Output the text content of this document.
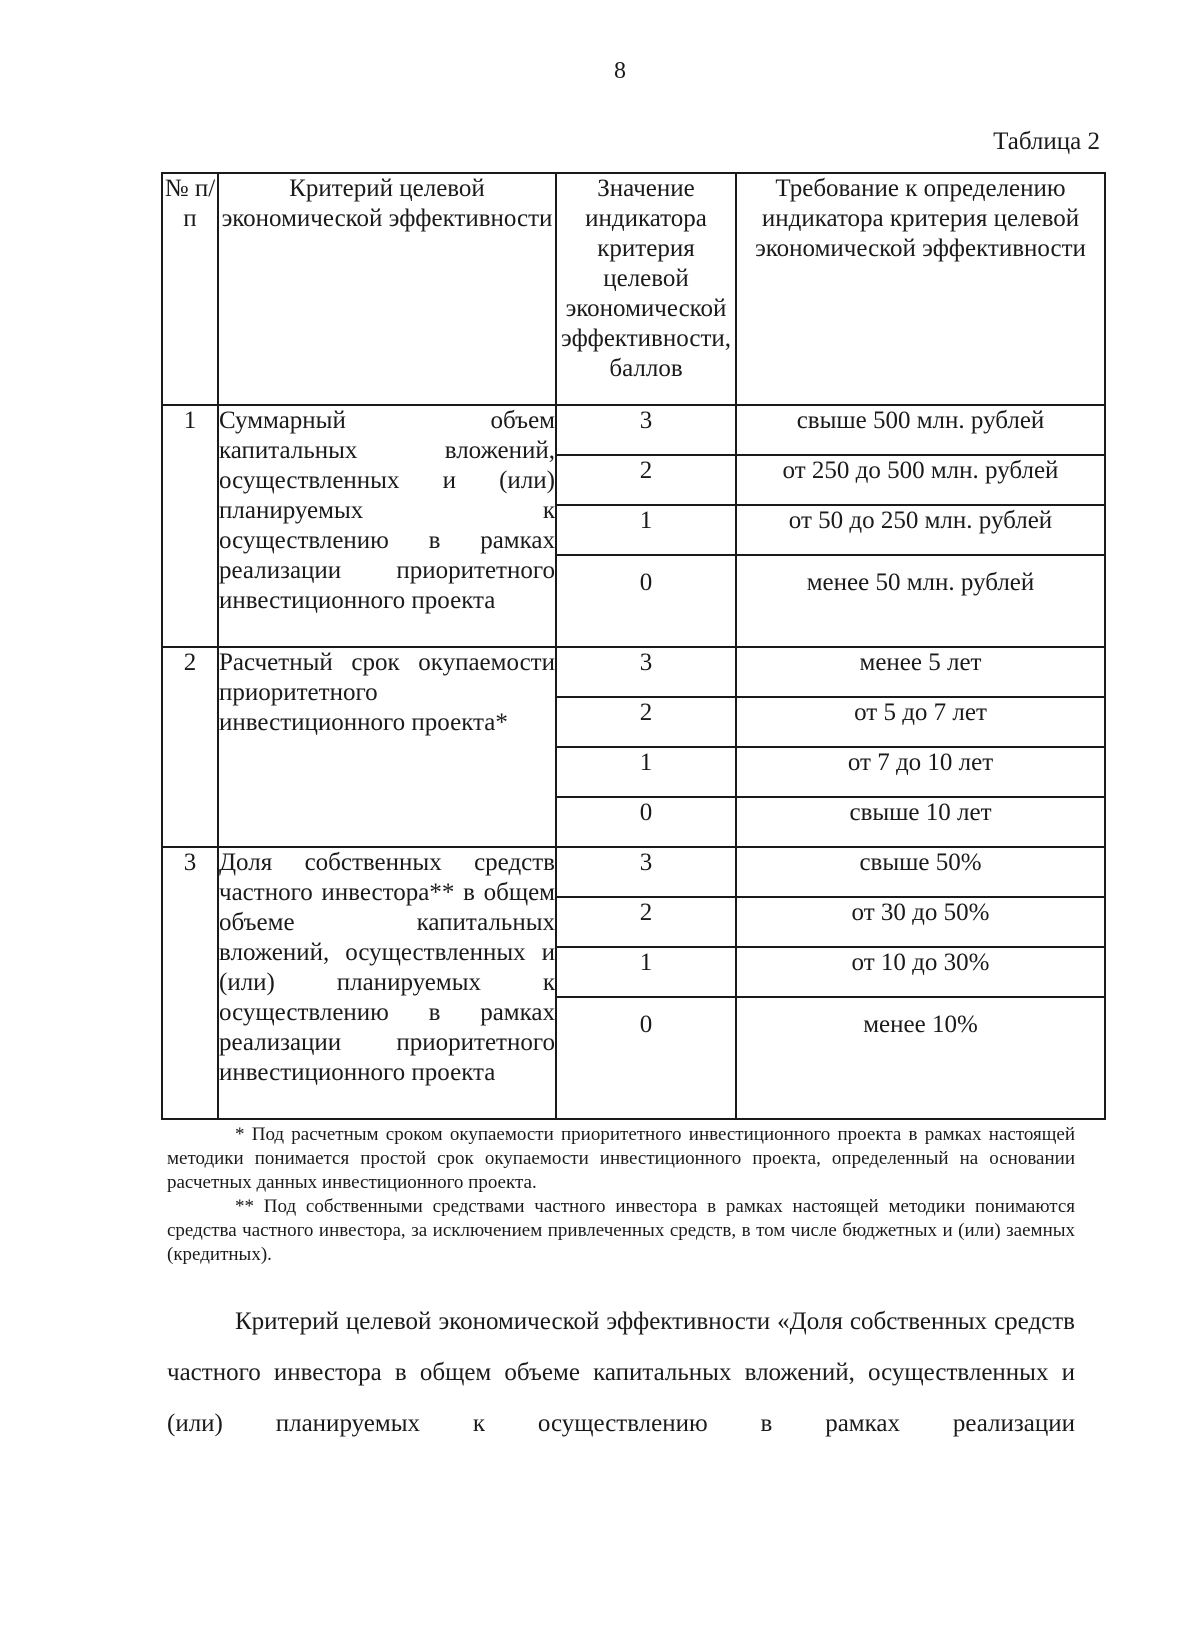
8
Таблица 2
№ п/п	Критерий целевой экономической эффективности	Значение индикатора критерия целевой экономической эффективности, баллов	Требование к определению индикатора критерия целевой экономической эффективности
1	Суммарный объем капитальных вложений, осуществленных и (или) планируемых к осуществлению в рамках реализации приоритетного инвестиционного проекта	3	свыше 500 млн. рублей
		2	от 250 до 500 млн. рублей
		1	от 50 до 250 млн. рублей
		0	менее 50 млн. рублей
2	Расчетный срок окупаемости приоритетного инвестиционного проекта*	3	менее 5 лет
		2	от 5 до 7 лет
		1	от 7 до 10 лет
		0	свыше 10 лет
3	Доля собственных средств частного инвестора** в общем объеме капитальных вложений, осуществленных и (или) планируемых к осуществлению в рамках реализации приоритетного инвестиционного проекта	3	свыше 50%
		2	от 30 до 50%
		1	от 10 до 30%
		0	менее 10%

* Под расчетным сроком окупаемости приоритетного инвестиционного проекта в рамках настоящей методики понимается простой срок окупаемости инвестиционного проекта, определенный на основании расчетных данных инвестиционного проекта.

** Под собственными средствами частного инвестора в рамках настоящей методики понимаются средства частного инвестора, за исключением привлеченных средств, в том числе бюджетных и (или) заемных (кредитных).

Критерий целевой экономической эффективности «Доля собственных средств частного инвестора в общем объеме капитальных вложений, осуществленных и (или) планируемых к осуществлению в рамках реализации
